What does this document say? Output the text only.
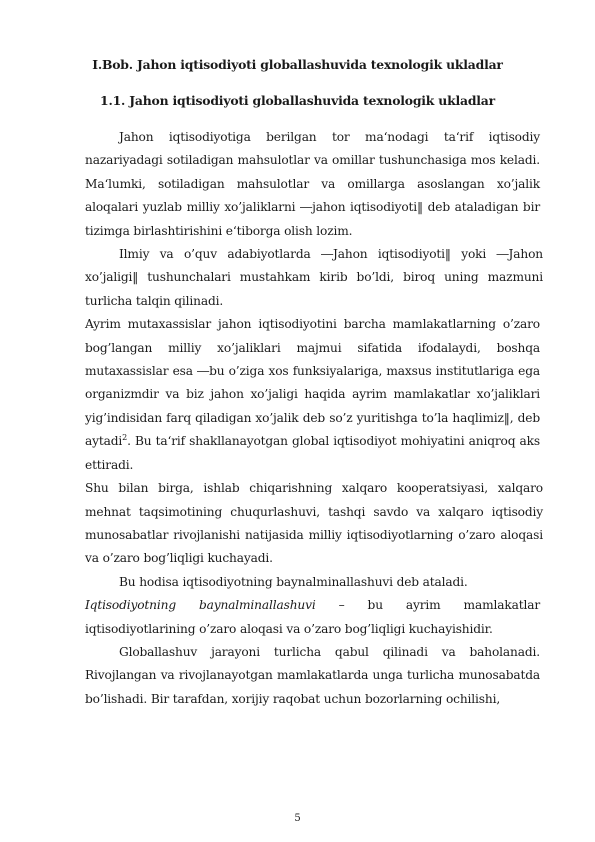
I.Bob. Jahon iqtisodiyoti globallashuvida texnologik ukladlar
1.1. Jahon iqtisodiyoti globallashuvida texnologik ukladlar

Jahon iqtisodiyotiga berilgan tor ma‘nodagi ta‘rif iqtisodiy nazariyadagi sotiladigan mahsulotlar va omillar tushunchasiga mos keladi. Ma‘lumki, sotiladigan mahsulotlar va omillarga asoslangan xo’jalik aloqalari yuzlab milliy xo’jaliklarni ―jahon iqtisodiyoti‖ deb ataladigan bir tizimga birlashtirishini e‘tiborga olish lozim.

Ilmiy va o’quv adabiyotlarda ―Jahon iqtisodiyoti‖ yoki ―Jahon xo’jaligi‖ tushunchalari mustahkam kirib bo’ldi, biroq uning mazmuni turlicha talqin qilinadi.

Ayrim mutaxassislar jahon iqtisodiyotini barcha mamlakatlarning o’zaro bog’langan milliy xo’jaliklari majmui sifatida ifodalaydi, boshqa mutaxassislar esa ―bu o’ziga xos funksiyalariga, maxsus institutlariga ega organizmdir va biz jahon xo’jaligi haqida ayrim mamlakatlar xo’jaliklari yig’indisidan farq qiladigan xo’jalik deb so’z yuritishga to’la haqlimiz‖, deb aytadi$^2$. Bu ta‘rif shakllanayotgan global iqtisodiyot mohiyatini aniqroq aks ettiradi.

Shu bilan birga, ishlab chiqarishning xalqaro kooperatsiyasi, xalqaro mehnat taqsimotining chuqurlashuvi, tashqi savdo va xalqaro iqtisodiy munosabatlar rivojlanishi natijasida milliy iqtisodiyotlarning o’zaro aloqasi va o’zaro bog’liqligi kuchayadi.

Bu hodisa iqtisodiyotning baynalminallashuvi deb ataladi.

Iqtisodiyotning baynalminallashuvi – bu ayrim mamlakatlar iqtisodiyotlarining o’zaro aloqasi va o’zaro bog’liqligi kuchayishidir.

Globallashuv jarayoni turlicha qabul qilinadi va baholanadi. Rivojlangan va rivojlanayotgan mamlakatlarda unga turlicha munosabatda bo’lishadi. Bir tarafdan, xorijiy raqobat uchun bozorlarning ochilishi,

5
